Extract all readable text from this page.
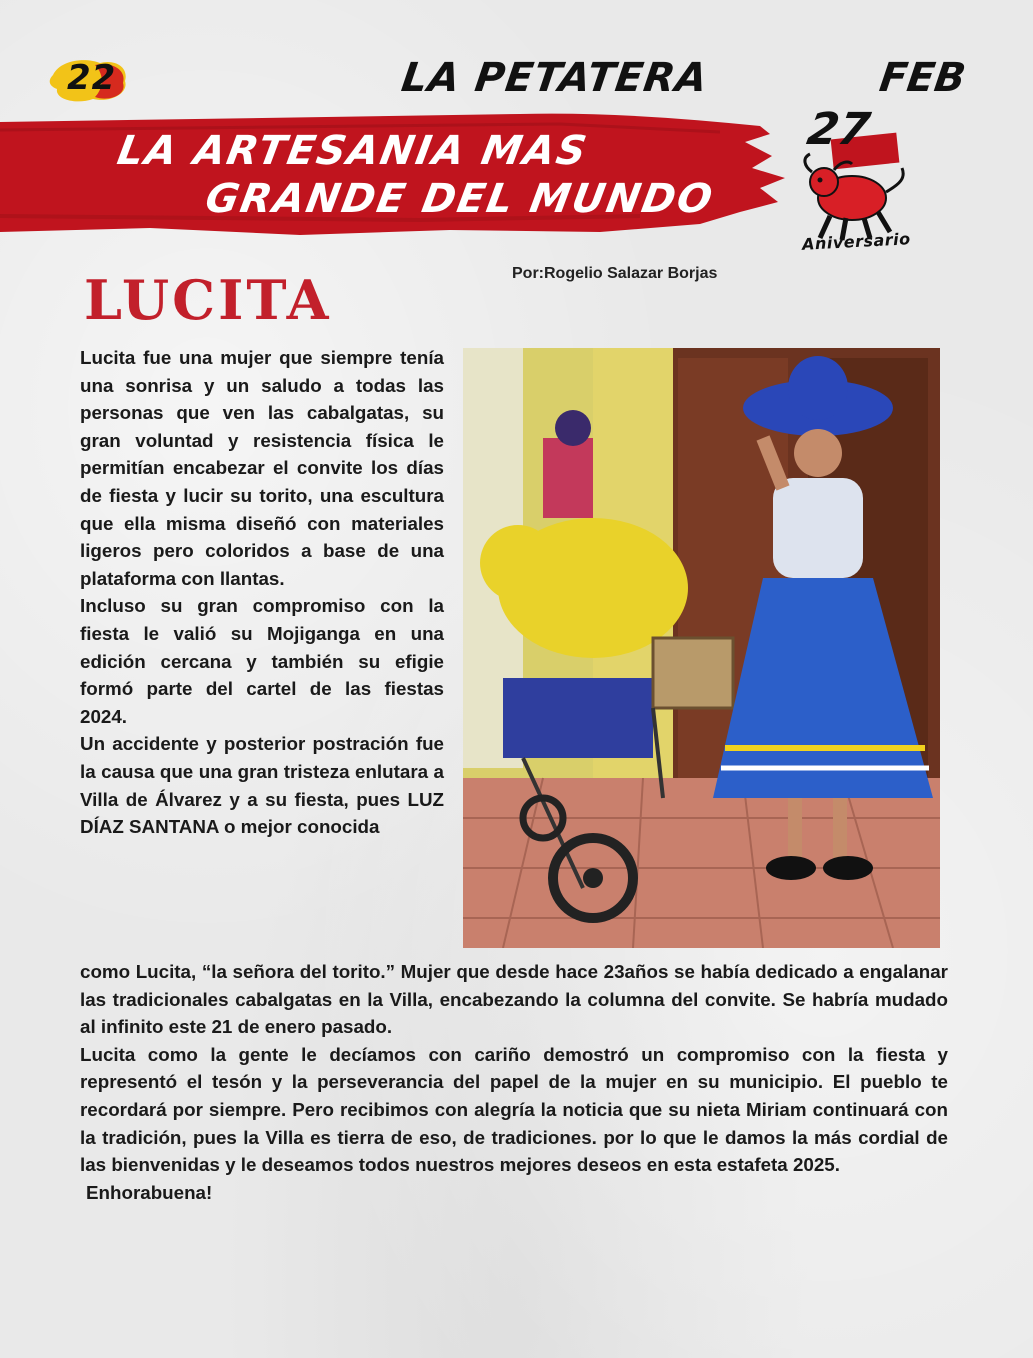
22	LA PETATERA	FEB
LA ARTESANIA MAS
GRANDE DEL MUNDO
27
Aniversario
LUCITA	Por:Rogelio Salazar Borjas

Lucita fue una mujer que siempre tenía una sonrisa y un saludo a todas las personas que ven las cabalgatas, su gran voluntad y resistencia física le permitían encabezar el convite los días de fiesta y lucir su torito, una escultura que ella misma diseñó con materiales ligeros pero coloridos a base de una plataforma con llantas.

Incluso su gran compromiso con la fiesta le valió su Mojiganga en una edición cercana y también su efigie formó parte del cartel de las fiestas 2024.

Un accidente y posterior postración fue la causa que una gran tristeza enlutara a Villa de Álvarez y a su fiesta, pues LUZ DÍAZ SANTANA o mejor conocida

como Lucita, “la señora del torito.” Mujer que desde hace 23años se había dedicado a engalanar las tradicionales cabalgatas en la Villa, encabezando la columna del convite. Se habría mudado al infinito este 21 de enero pasado.

Lucita como la gente le decíamos con cariño demostró un compromiso con la fiesta y representó el tesón y la perseverancia del papel de la mujer en su municipio. El pueblo te recordará por siempre. Pero recibimos con alegría la noticia que su nieta Miriam continuará con la tradición, pues la Villa es tierra de eso, de tradiciones. por lo que le damos la más cordial de las bienvenidas y le deseamos todos nuestros mejores deseos en esta estafeta 2025.

Enhorabuena!
